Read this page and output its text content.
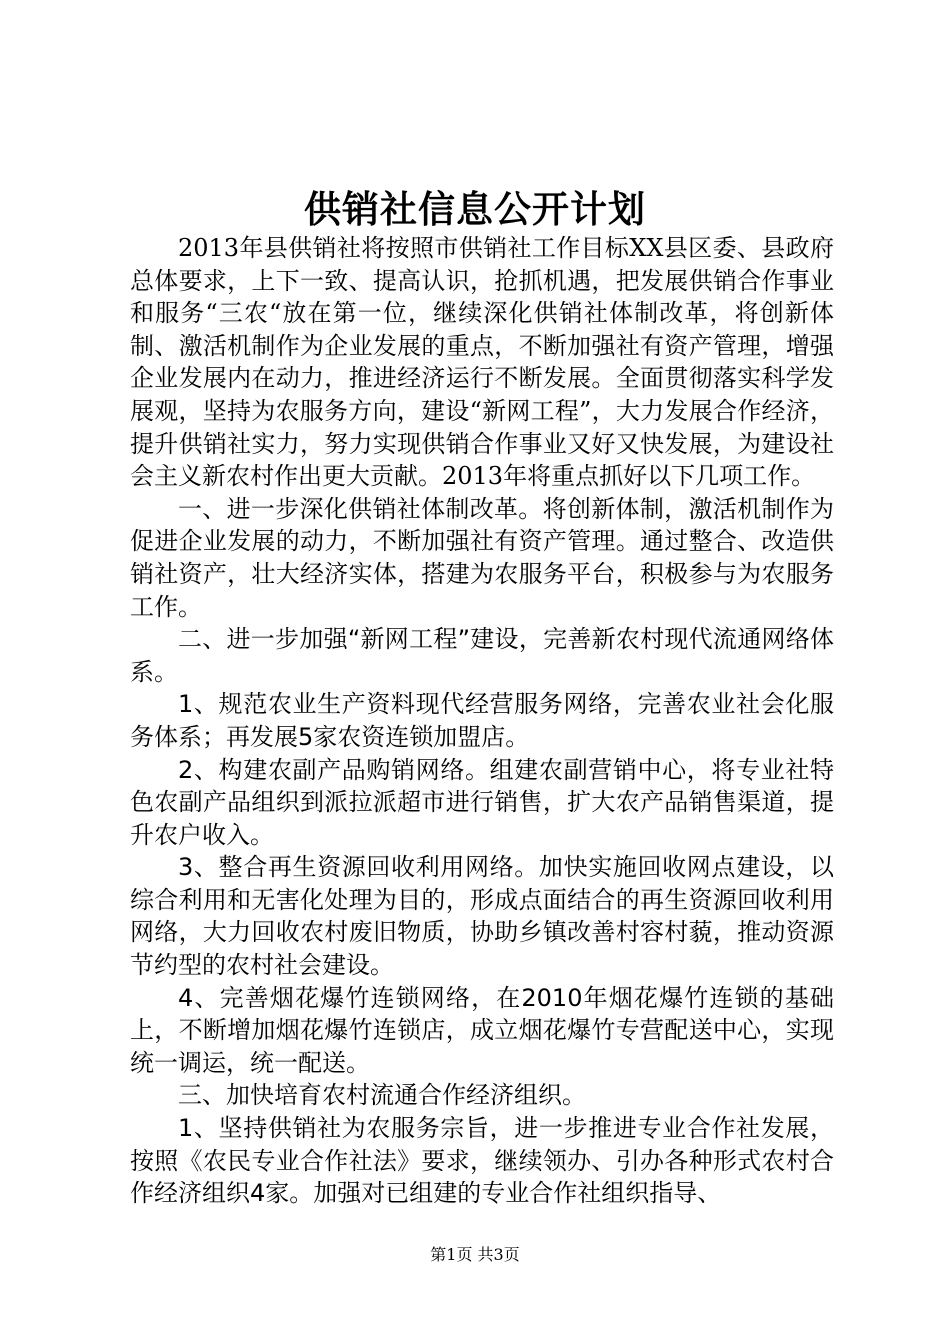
供销社信息公开计划

2013年县供销社将按照市供销社工作目标XX县区委、县政府总体要求，上下一致、提高认识，抢抓机遇，把发展供销合作事业和服务“三农“放在第一位，继续深化供销社体制改革，将创新体制、激活机制作为企业发展的重点，不断加强社有资产管理，增强企业发展内在动力，推进经济运行不断发展。全面贯彻落实科学发展观，坚持为农服务方向，建设“新网工程”，大力发展合作经济，提升供销社实力，努力实现供销合作事业又好又快发展，为建设社会主义新农村作出更大贡献。2013年将重点抓好以下几项工作。

一、进一步深化供销社体制改革。将创新体制，激活机制作为促进企业发展的动力，不断加强社有资产管理。通过整合、改造供销社资产，壮大经济实体，搭建为农服务平台，积极参与为农服务工作。

二、进一步加强“新网工程”建设，完善新农村现代流通网络体系。

1、规范农业生产资料现代经营服务网络，完善农业社会化服务体系；再发展5家农资连锁加盟店。

2、构建农副产品购销网络。组建农副营销中心，将专业社特色农副产品组织到派拉派超市进行销售，扩大农产品销售渠道，提升农户收入。

3、整合再生资源回收利用网络。加快实施回收网点建设，以综合利用和无害化处理为目的，形成点面结合的再生资源回收利用网络，大力回收农村废旧物质，协助乡镇改善村容村藐，推动资源节约型的农村社会建设。

4、完善烟花爆竹连锁网络，在2010年烟花爆竹连锁的基础上，不断增加烟花爆竹连锁店，成立烟花爆竹专营配送中心，实现统一调运，统一配送。

三、加快培育农村流通合作经济组织。

1、坚持供销社为农服务宗旨，进一步推进专业合作社发展，按照《农民专业合作社法》要求，继续领办、引办各种形式农村合作经济组织4家。加强对已组建的专业合作社组织指导、

第1页 共3页
